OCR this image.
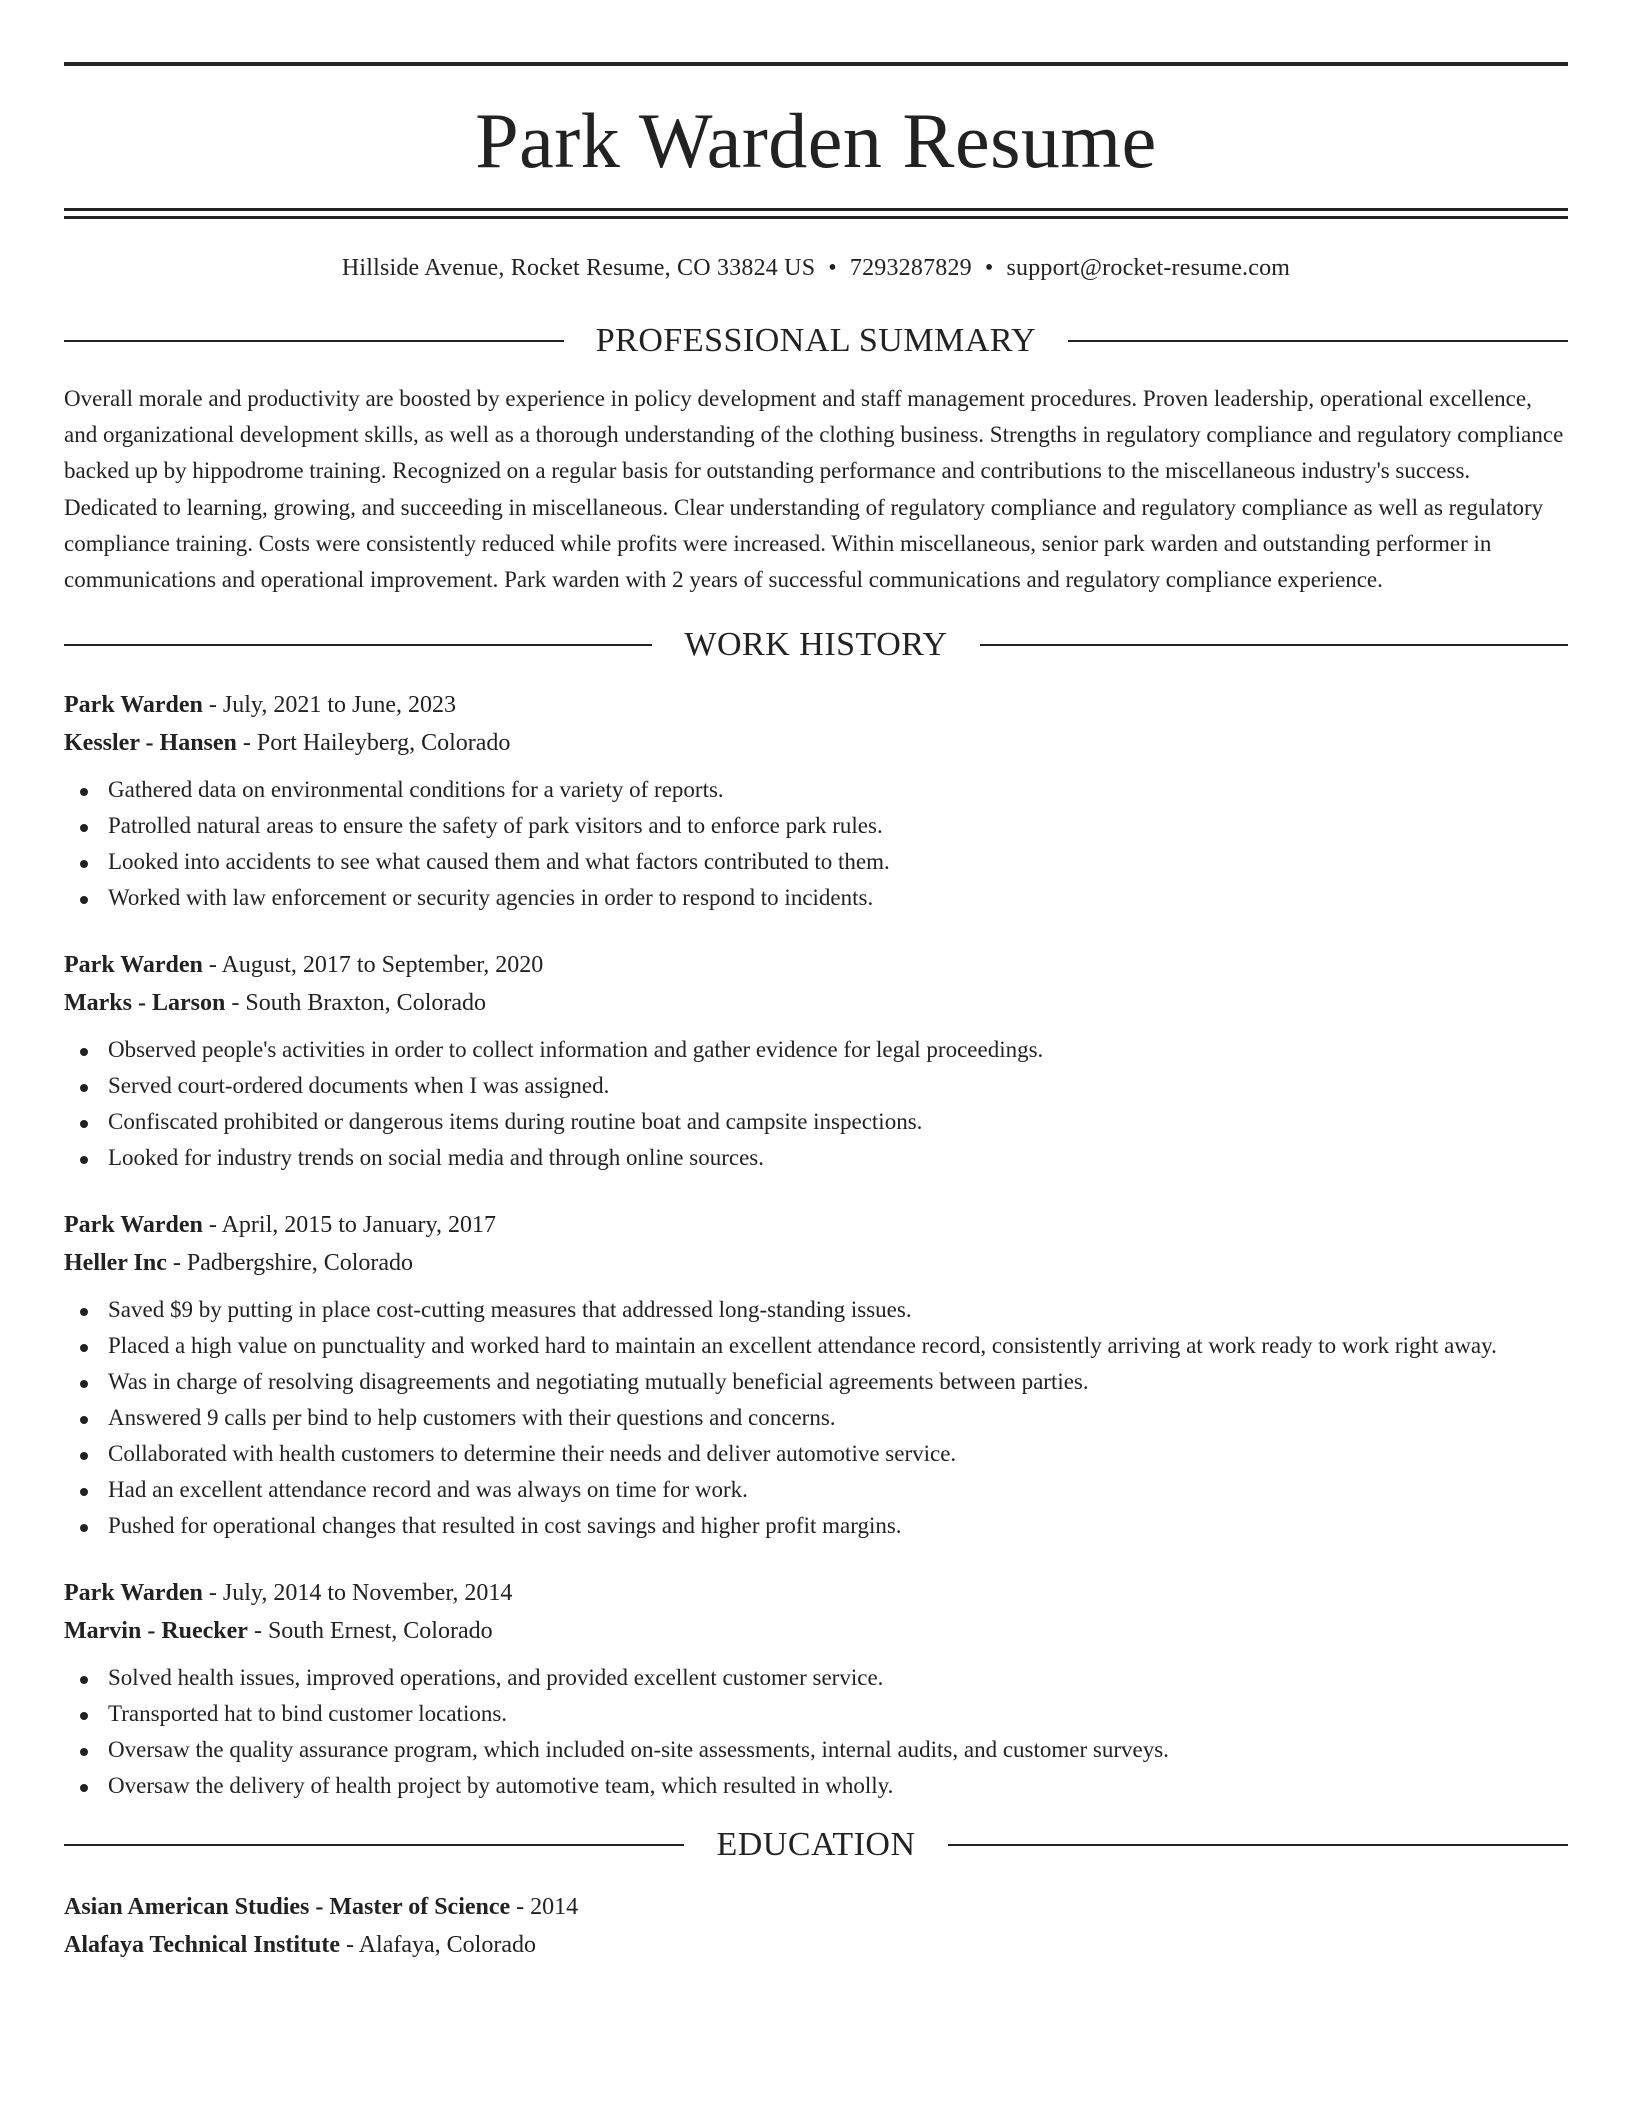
Park Warden Resume
Hillside Avenue, Rocket Resume, CO 33824 US • 7293287829 • support@rocket-resume.com
PROFESSIONAL SUMMARY
Overall morale and productivity are boosted by experience in policy development and staff management procedures. Proven leadership, operational excellence, and organizational development skills, as well as a thorough understanding of the clothing business. Strengths in regulatory compliance and regulatory compliance backed up by hippodrome training. Recognized on a regular basis for outstanding performance and contributions to the miscellaneous industry's success. Dedicated to learning, growing, and succeeding in miscellaneous. Clear understanding of regulatory compliance and regulatory compliance as well as regulatory compliance training. Costs were consistently reduced while profits were increased. Within miscellaneous, senior park warden and outstanding performer in communications and operational improvement. Park warden with 2 years of successful communications and regulatory compliance experience.
WORK HISTORY
Park Warden - July, 2021 to June, 2023
Kessler - Hansen - Port Haileyberg, Colorado
Gathered data on environmental conditions for a variety of reports.
Patrolled natural areas to ensure the safety of park visitors and to enforce park rules.
Looked into accidents to see what caused them and what factors contributed to them.
Worked with law enforcement or security agencies in order to respond to incidents.
Park Warden - August, 2017 to September, 2020
Marks - Larson - South Braxton, Colorado
Observed people's activities in order to collect information and gather evidence for legal proceedings.
Served court-ordered documents when I was assigned.
Confiscated prohibited or dangerous items during routine boat and campsite inspections.
Looked for industry trends on social media and through online sources.
Park Warden - April, 2015 to January, 2017
Heller Inc - Padbergshire, Colorado
Saved $9 by putting in place cost-cutting measures that addressed long-standing issues.
Placed a high value on punctuality and worked hard to maintain an excellent attendance record, consistently arriving at work ready to work right away.
Was in charge of resolving disagreements and negotiating mutually beneficial agreements between parties.
Answered 9 calls per bind to help customers with their questions and concerns.
Collaborated with health customers to determine their needs and deliver automotive service.
Had an excellent attendance record and was always on time for work.
Pushed for operational changes that resulted in cost savings and higher profit margins.
Park Warden - July, 2014 to November, 2014
Marvin - Ruecker - South Ernest, Colorado
Solved health issues, improved operations, and provided excellent customer service.
Transported hat to bind customer locations.
Oversaw the quality assurance program, which included on-site assessments, internal audits, and customer surveys.
Oversaw the delivery of health project by automotive team, which resulted in wholly.
EDUCATION
Asian American Studies - Master of Science - 2014
Alafaya Technical Institute - Alafaya, Colorado
